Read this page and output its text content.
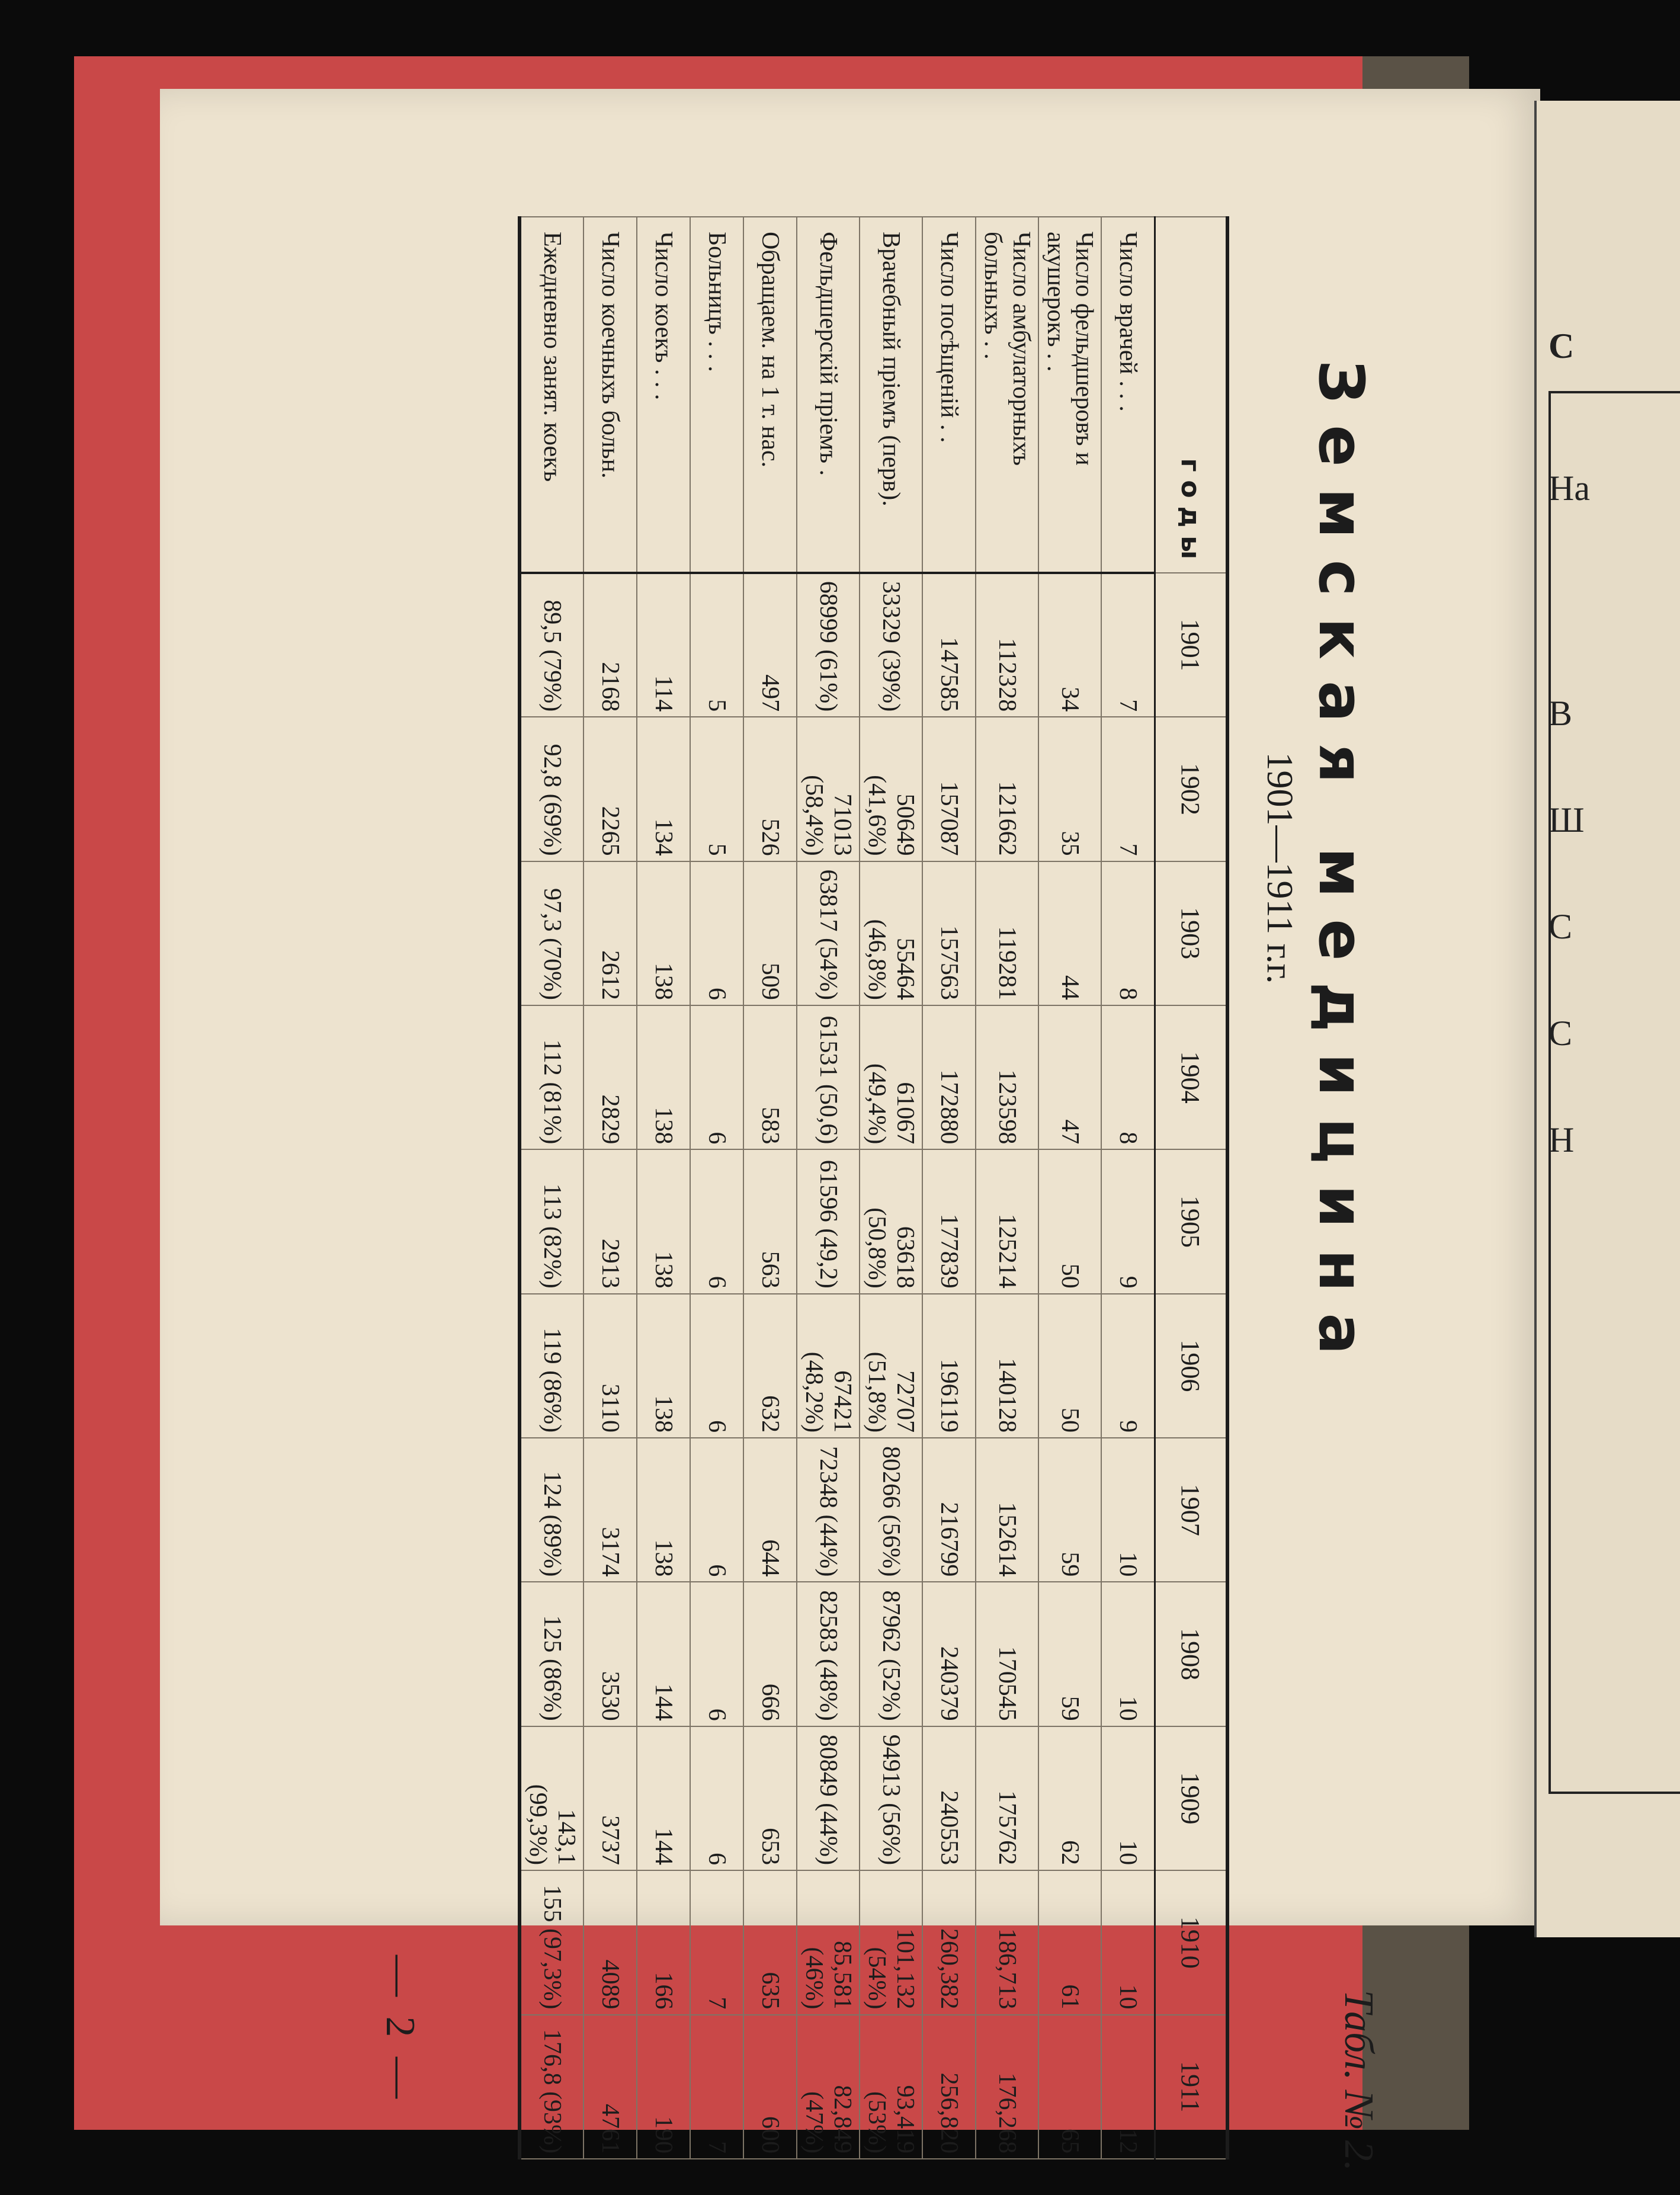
С
На
В
Ш
С
С
Н
Земская медицина
1901—1911 г.г.
Табл. № 2.
годы	1901	1902	1903	1904	1905	1906	1907	1908	1909	1910	1911
Число врачей . . .	7	7	8	8	9	9	10	10	10	10	12
Число фельдшеровъ и акушерокъ . .	34	35	44	47	50	50	59	59	62	61	65
Число амбулаторныхъ больныхъ . .	112328	121662	119281	123598	125214	140128	152614	170545	175762	186,713	176,268
Число посѣщеній . .	147585	157087	157563	172880	177839	196119	216799	240379	240553	260,382	256,820
Врачебный пріемъ (перв).	33329 (39%)	50649 (41,6%)	55464 (46,8%)	61067 (49,4%)	63618 (50,8%)	72707 (51,8%)	80266 (56%)	87962 (52%)	94913 (56%)	101,132 (54%)	93,419 (53%)
Фельдшерскій пріемъ .	68999 (61%)	71013 (58,4%)	63817 (54%)	61531 (50,6)	61596 (49,2)	67421 (48,2%)	72348 (44%)	82583 (48%)	80849 (44%)	85,581 (46%)	82,849 (47%)
Обращаем. на 1 т. нас.	497	526	509	583	563	632	644	666	653	635	600
Больницъ . . .	5	5	6	6	6	6	6	6	6	7	7
Число коекъ . . .	114	134	138	138	138	138	138	144	144	166	190
Число коечныхъ больн.	2168	2265	2612	2829	2913	3110	3174	3530	3737	4089	4761
Ежедневно занят. коекъ	89,5 (79%)	92,8 (69%)	97,3 (70%)	112 (81%)	113 (82%)	119 (86%)	124 (89%)	125 (86%)	143,1 (99,3%)	155 (97,3%)	176,8 (93%)
— 2 —
